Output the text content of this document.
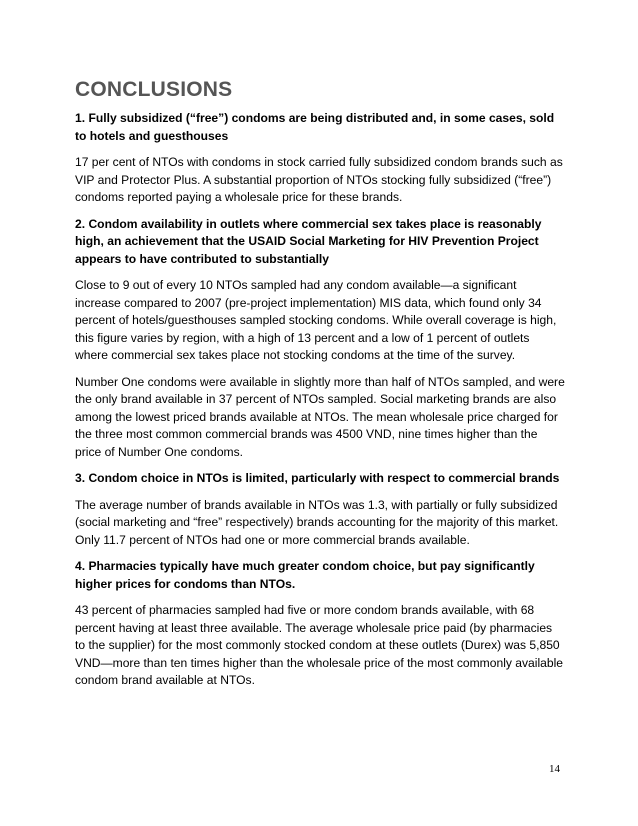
CONCLUSIONS

1. Fully subsidized (“free”) condoms are being distributed and, in some cases, sold to hotels and guesthouses

17 per cent of NTOs with condoms in stock carried fully subsidized condom brands such as VIP and Protector Plus. A substantial proportion of NTOs stocking fully subsidized (“free”) condoms reported paying a wholesale price for these brands.

2. Condom availability in outlets where commercial sex takes place is reasonably high, an achievement that the USAID Social Marketing for HIV Prevention Project appears to have contributed to substantially

Close to 9 out of every 10 NTOs sampled had any condom available—a significant increase compared to 2007 (pre-project implementation) MIS data, which found only 34 percent of hotels/guesthouses sampled stocking condoms. While overall coverage is high, this figure varies by region, with a high of 13 percent and a low of 1 percent of outlets where commercial sex takes place not stocking condoms at the time of the survey.

Number One condoms were available in slightly more than half of NTOs sampled, and were the only brand available in 37 percent of NTOs sampled. Social marketing brands are also among the lowest priced brands available at NTOs. The mean wholesale price charged for the three most common commercial brands was 4500 VND, nine times higher than the price of Number One condoms.

3. Condom choice in NTOs is limited, particularly with respect to commercial brands

The average number of brands available in NTOs was 1.3, with partially or fully subsidized (social marketing and “free” respectively) brands accounting for the majority of this market. Only 11.7 percent of NTOs had one or more commercial brands available.

4. Pharmacies typically have much greater condom choice, but pay significantly higher prices for condoms than NTOs.

43 percent of pharmacies sampled had five or more condom brands available, with 68 percent having at least three available. The average wholesale price paid (by pharmacies to the supplier) for the most commonly stocked condom at these outlets (Durex) was 5,850 VND—more than ten times higher than the wholesale price of the most commonly available condom brand available at NTOs.

14
